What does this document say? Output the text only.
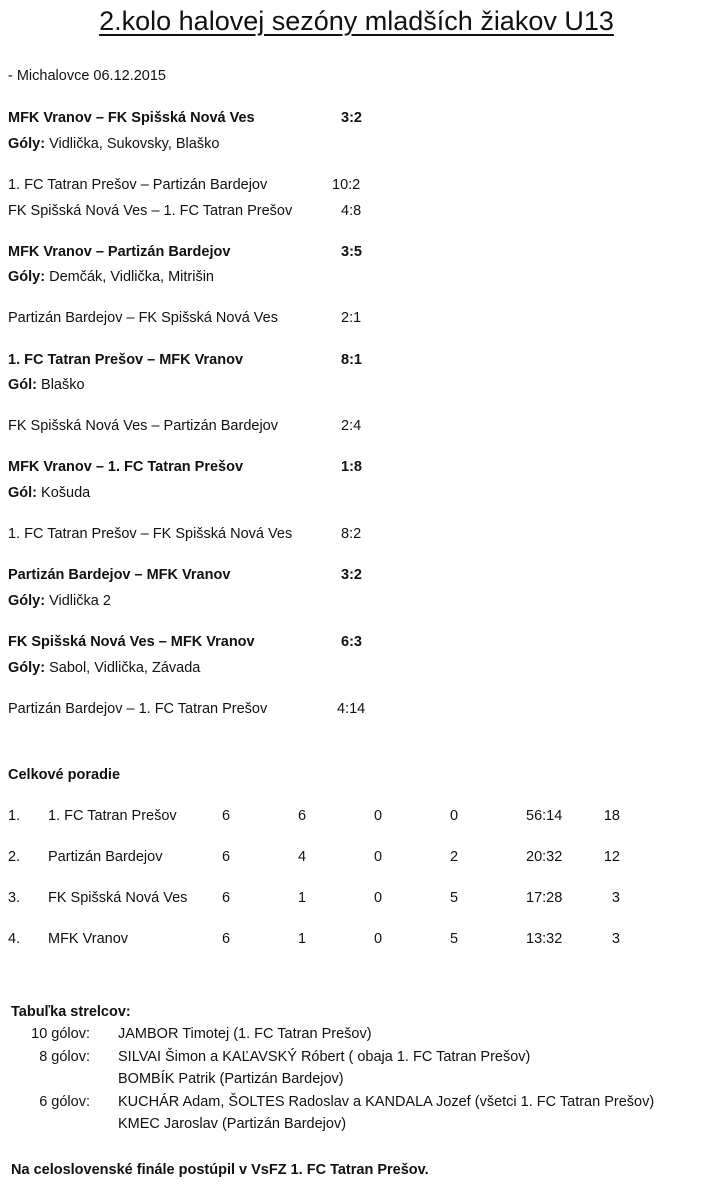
2.kolo halovej sezóny mladších žiakov U13
- Michalovce 06.12.2015
MFK Vranov – FK Spišská Nová Ves	3:2
Góly: Vidlička, Sukovsky, Blaško
1. FC Tatran Prešov – Partizán Bardejov	10:2
FK Spišská Nová Ves – 1. FC Tatran Prešov	4:8
MFK Vranov – Partizán Bardejov	3:5
Góly: Demčák, Vidlička, Mitrišin
Partizán Bardejov – FK Spišská Nová Ves	2:1
1. FC Tatran Prešov – MFK Vranov	8:1
Gól: Blaško
FK Spišská Nová Ves – Partizán Bardejov	2:4
MFK Vranov – 1. FC Tatran Prešov	1:8
Gól: Košuda
1. FC Tatran Prešov – FK Spišská Nová Ves	8:2
Partizán Bardejov – MFK Vranov	3:2
Góly: Vidlička 2
FK Spišská Nová Ves – MFK Vranov	6:3
Góly: Sabol, Vidlička, Závada
Partizán Bardejov – 1. FC Tatran Prešov	4:14
Celkové poradie
1. 1. FC Tatran Prešov	6	6	0	0	56:14	18
2. Partizán Bardejov	6	4	0	2	20:32	12
3. FK Spišská Nová Ves 6	1	0	5	17:28	3
4. MFK Vranov	6	1	0	5	13:32	3
Tabuľka strelcov:
10 gólov: JAMBOR Timotej (1. FC Tatran Prešov)
8 gólov: SILVAI Šimon a KAĽAVSKÝ Róbert ( obaja 1. FC Tatran Prešov)
BOMBÍK Patrik (Partizán Bardejov)
6 gólov: KUCHÁR Adam, ŠOLTES Radoslav a KANDALA Jozef (všetci 1. FC Tatran Prešov)
KMEC Jaroslav (Partizán Bardejov)
Na celoslovenské finále postúpil v VsFZ 1. FC Tatran Prešov.
